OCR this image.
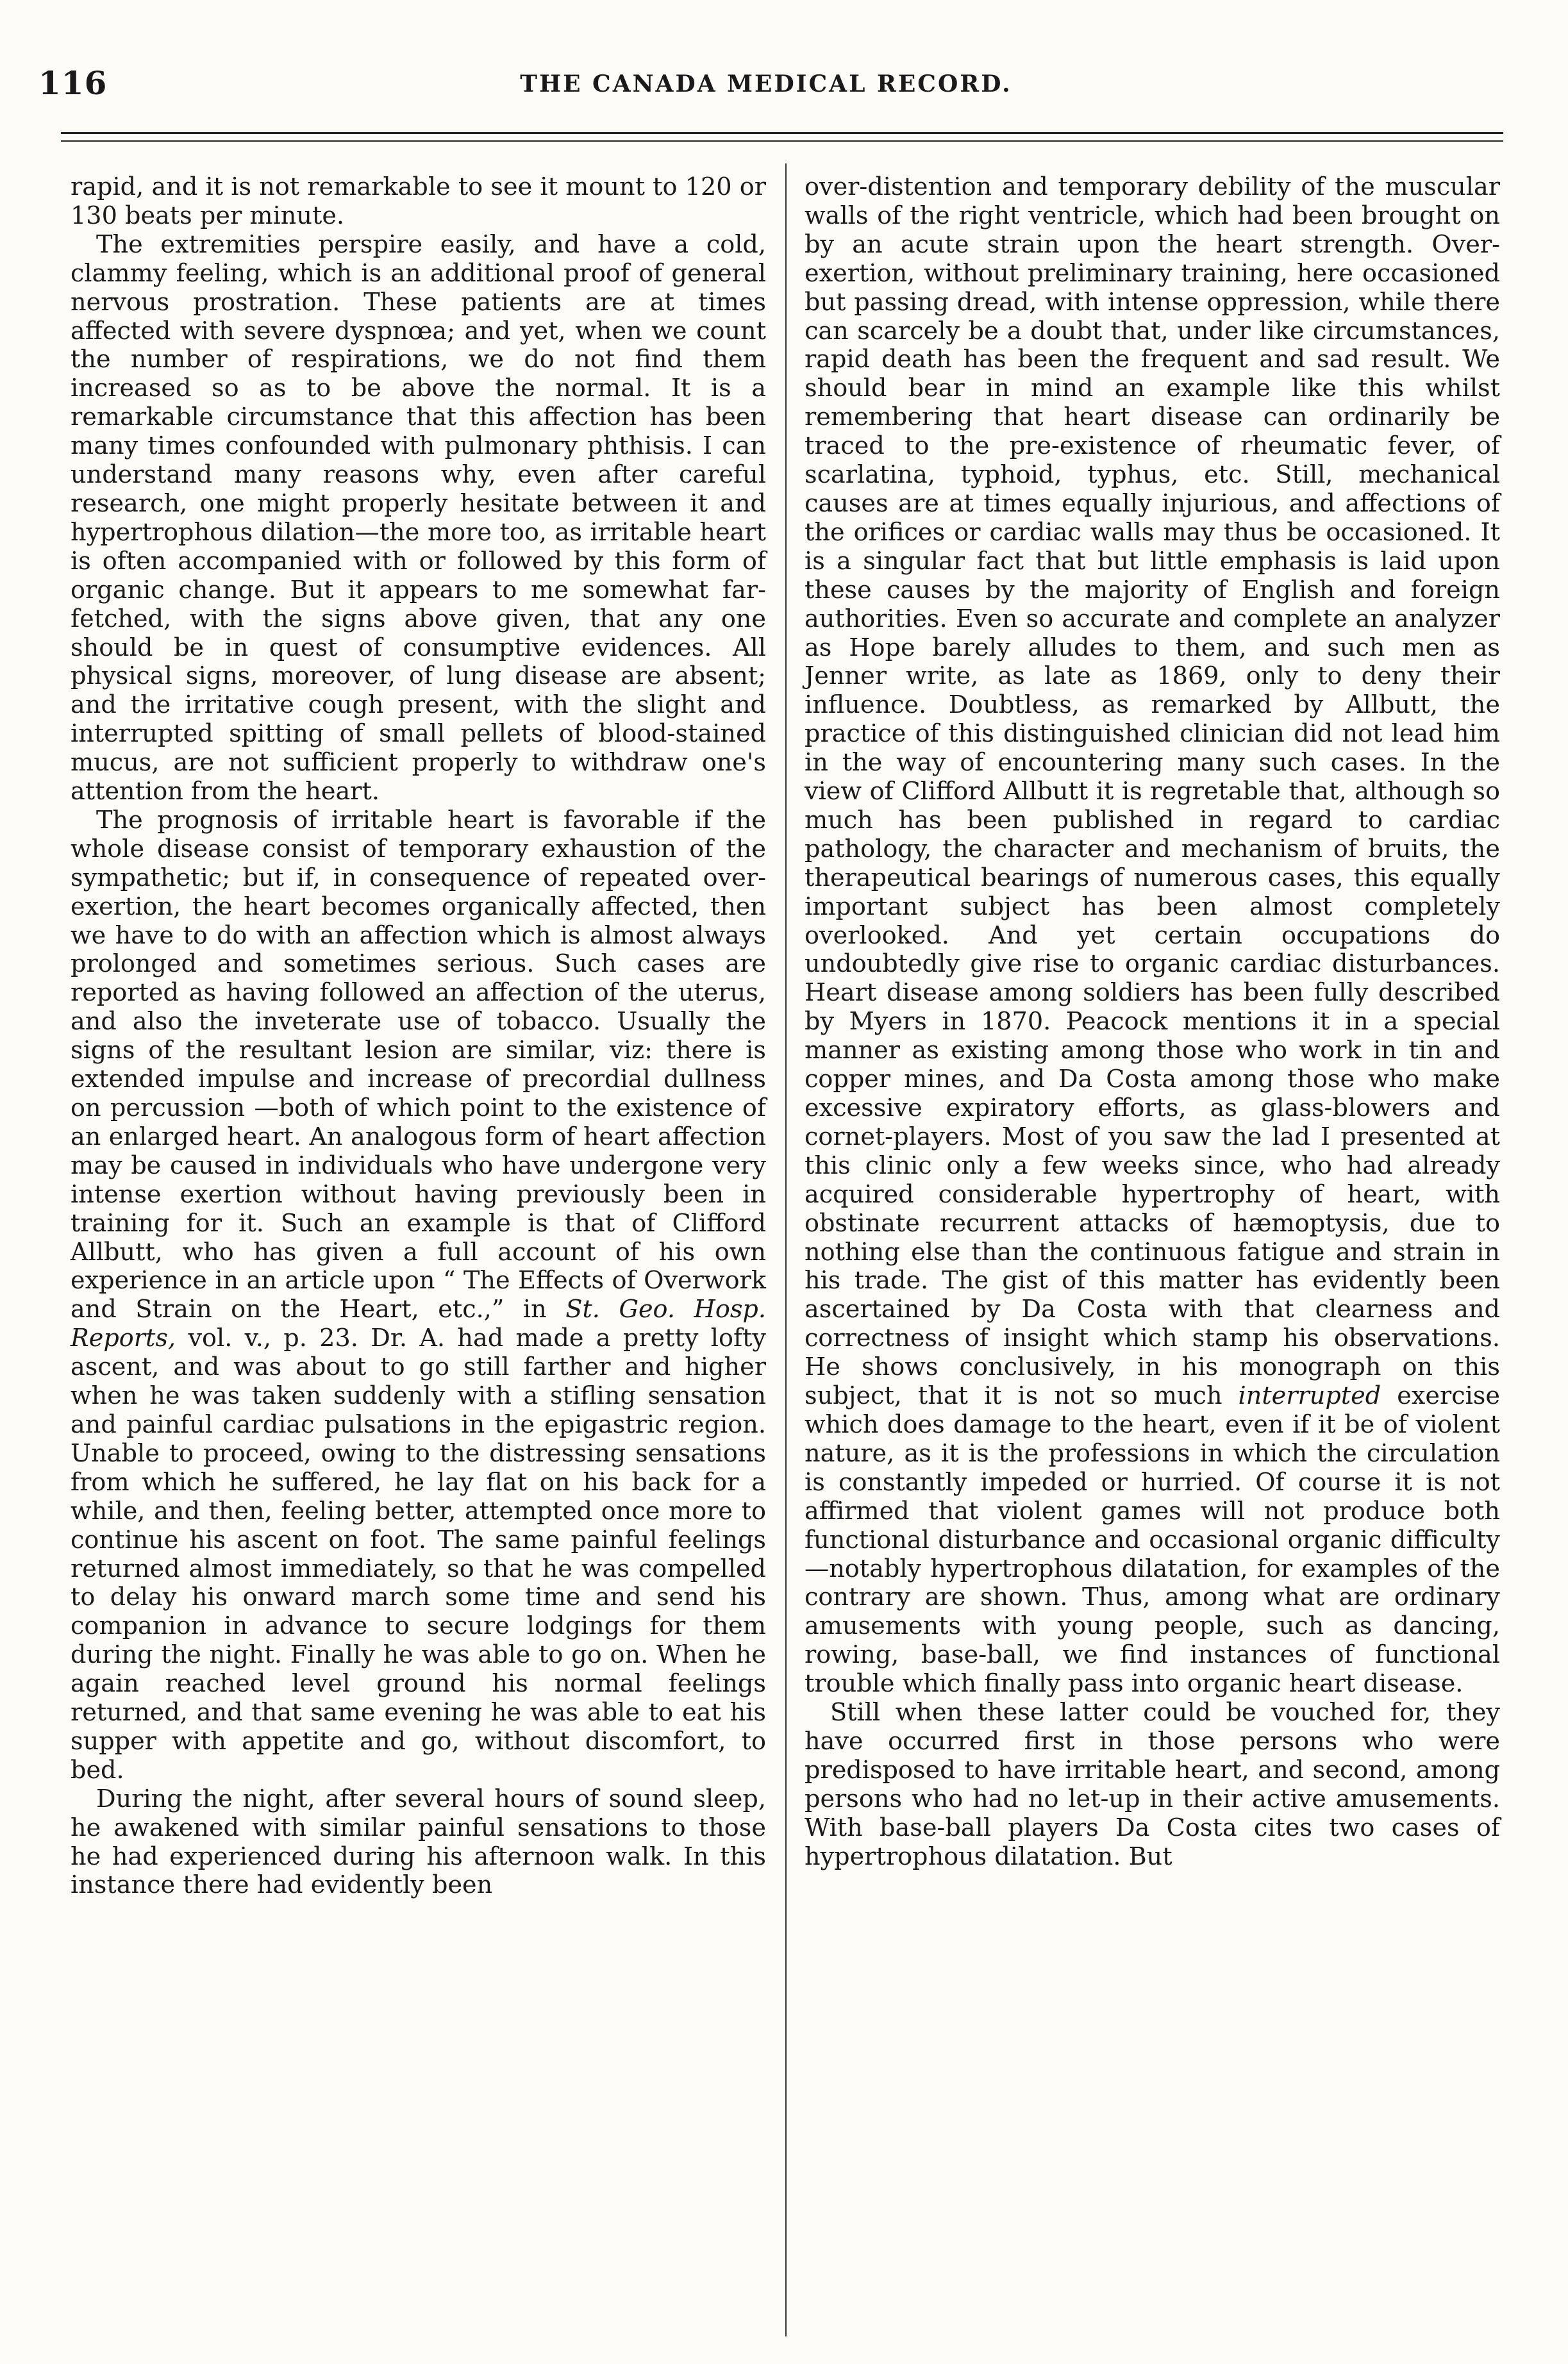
116	THE CANADA MEDICAL RECORD.

rapid, and it is not remarkable to see it mount to 120 or 130 beats per minute.

The extremities perspire easily, and have a cold, clammy feeling, which is an additional proof of general nervous prostration. These patients are at times affected with severe dyspnœa; and yet, when we count the number of respirations, we do not find them increased so as to be above the normal. It is a remarkable circumstance that this affection has been many times confounded with pulmonary phthisis. I can understand many reasons why, even after careful research, one might properly hesitate between it and hypertrophous dilation—the more too, as irritable heart is often accompanied with or followed by this form of organic change. But it appears to me somewhat far-fetched, with the signs above given, that any one should be in quest of consumptive evidences. All physical signs, moreover, of lung disease are absent; and the irritative cough present, with the slight and interrupted spitting of small pellets of blood-stained mucus, are not sufficient properly to withdraw one's attention from the heart.

The prognosis of irritable heart is favorable if the whole disease consist of temporary exhaustion of the sympathetic; but if, in consequence of repeated over-exertion, the heart becomes organically affected, then we have to do with an affection which is almost always prolonged and sometimes serious. Such cases are reported as having followed an affection of the uterus, and also the inveterate use of tobacco. Usually the signs of the resultant lesion are similar, viz: there is extended impulse and increase of precordial dullness on percussion —both of which point to the existence of an enlarged heart. An analogous form of heart affection may be caused in individuals who have undergone very intense exertion without having previously been in training for it. Such an example is that of Clifford Allbutt, who has given a full account of his own experience in an article upon “ The Effects of Overwork and Strain on the Heart, etc.,” in St. Geo. Hosp. Reports, vol. v., p. 23. Dr. A. had made a pretty lofty ascent, and was about to go still farther and higher when he was taken suddenly with a stifling sensation and painful cardiac pulsations in the epigastric region. Unable to proceed, owing to the distressing sensations from which he suffered, he lay flat on his back for a while, and then, feeling better, attempted once more to continue his ascent on foot. The same painful feelings returned almost immediately, so that he was compelled to delay his onward march some time and send his companion in advance to secure lodgings for them during the night. Finally he was able to go on. When he again reached level ground his normal feelings returned, and that same evening he was able to eat his supper with appetite and go, without discomfort, to bed.

During the night, after several hours of sound sleep, he awakened with similar painful sensations to those he had experienced during his afternoon walk. In this instance there had evidently been

over-distention and temporary debility of the muscular walls of the right ventricle, which had been brought on by an acute strain upon the heart strength. Over-exertion, without preliminary training, here occasioned but passing dread, with intense oppression, while there can scarcely be a doubt that, under like circumstances, rapid death has been the frequent and sad result. We should bear in mind an example like this whilst remembering that heart disease can ordinarily be traced to the pre-existence of rheumatic fever, of scarlatina, typhoid, typhus, etc. Still, mechanical causes are at times equally injurious, and affections of the orifices or cardiac walls may thus be occasioned. It is a singular fact that but little emphasis is laid upon these causes by the majority of English and foreign authorities. Even so accurate and complete an analyzer as Hope barely alludes to them, and such men as Jenner write, as late as 1869, only to deny their influence. Doubtless, as remarked by Allbutt, the practice of this distinguished clinician did not lead him in the way of encountering many such cases. In the view of Clifford Allbutt it is regretable that, although so much has been published in regard to cardiac pathology, the character and mechanism of bruits, the therapeutical bearings of numerous cases, this equally important subject has been almost completely overlooked. And yet certain occupations do undoubtedly give rise to organic cardiac disturbances. Heart disease among soldiers has been fully described by Myers in 1870. Peacock mentions it in a special manner as existing among those who work in tin and copper mines, and Da Costa among those who make excessive expiratory efforts, as glass-blowers and cornet-players. Most of you saw the lad I presented at this clinic only a few weeks since, who had already acquired considerable hypertrophy of heart, with obstinate recurrent attacks of hæmoptysis, due to nothing else than the continuous fatigue and strain in his trade. The gist of this matter has evidently been ascertained by Da Costa with that clearness and correctness of insight which stamp his observations. He shows conclusively, in his monograph on this subject, that it is not so much interrupted exercise which does damage to the heart, even if it be of violent nature, as it is the professions in which the circulation is constantly impeded or hurried. Of course it is not affirmed that violent games will not produce both functional disturbance and occasional organic difficulty—notably hypertrophous dilatation, for examples of the contrary are shown. Thus, among what are ordinary amusements with young people, such as dancing, rowing, base-ball, we find instances of functional trouble which finally pass into organic heart disease.

Still when these latter could be vouched for, they have occurred first in those persons who were predisposed to have irritable heart, and second, among persons who had no let-up in their active amusements. With base-ball players Da Costa cites two cases of hypertrophous dilatation. But
